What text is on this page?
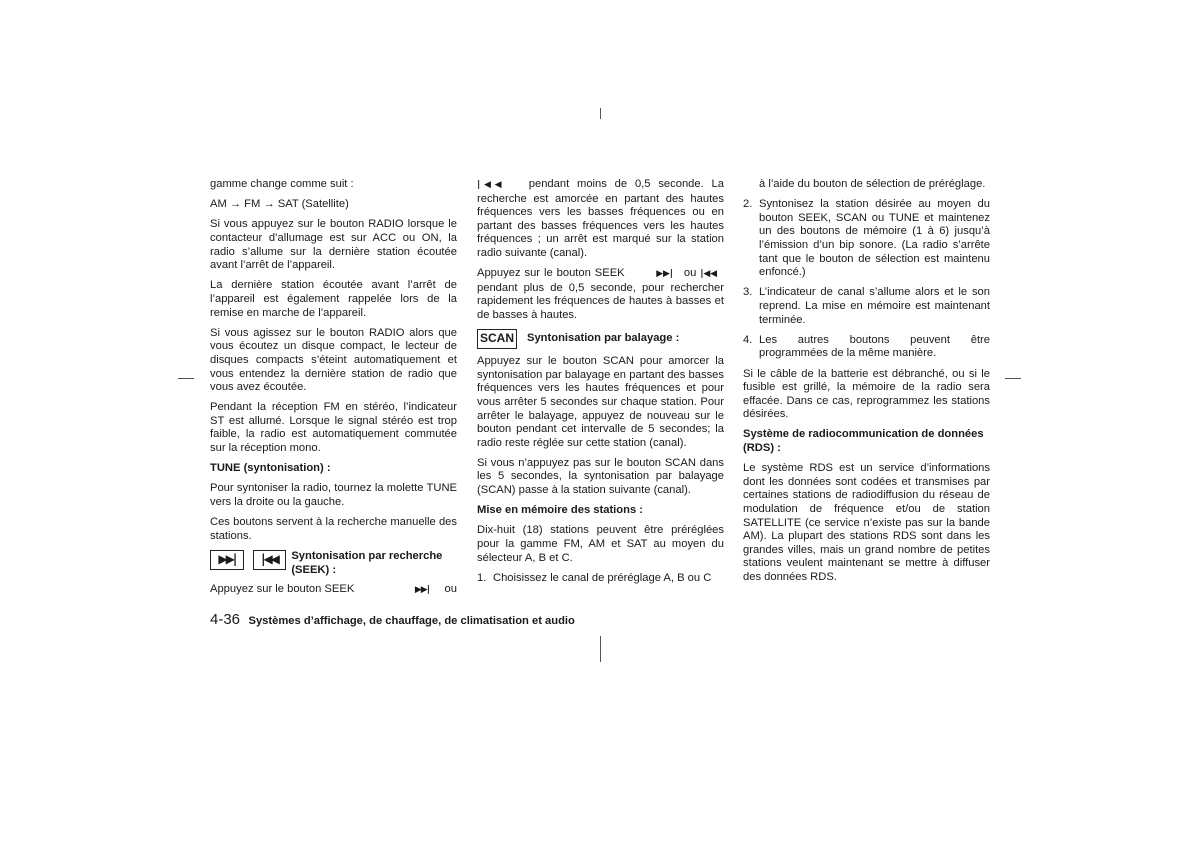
gamme change comme suit :

AM → FM → SAT (Satellite)

Si vous appuyez sur le bouton RADIO lorsque le contacteur d’allumage est sur ACC ou ON, la radio s’allume sur la dernière station écoutée avant l’arrêt de l’appareil.

La dernière station écoutée avant l’arrêt de l’appareil est également rappelée lors de la remise en marche de l’appareil.

Si vous agissez sur le bouton RADIO alors que vous écoutez un disque compact, le lecteur de disques compacts s’éteint automatiquement et vous entendez la dernière station de radio que vous avez écoutée.

Pendant la réception FM en stéréo, l’indicateur ST est allumé. Lorsque le signal stéréo est trop faible, la radio est automatiquement commutée sur la réception mono.

TUNE (syntonisation) :

Pour syntoniser la radio, tournez la molette TUNE vers la droite ou la gauche.

Ces boutons servent à la recherche manuelle des stations.

▶▶|	|◀◀	Syntonisation par recherche (SEEK) :

Appuyez sur le bouton SEEK	▶▶| ou

|◀◀ pendant moins de 0,5 seconde. La recherche est amorcée en partant des hautes fréquences vers les basses fréquences ou en partant des basses fréquences vers les hautes fréquences ; un arrêt est marqué sur la station radio suivante (canal).

Appuyez sur le bouton SEEK	▶▶| ou |◀◀   pendant plus de 0,5 seconde, pour rechercher rapidement les fréquences de hautes à basses et de basses à hautes.

SCAN Syntonisation par balayage :

Appuyez sur le bouton SCAN pour amorcer la syntonisation par balayage en partant des basses fréquences vers les hautes fréquences et pour vous arrêter 5 secondes sur chaque station. Pour arrêter le balayage, appuyez de nouveau sur le bouton pendant cet intervalle de 5 secondes; la radio reste réglée sur cette station (canal).

Si vous n’appuyez pas sur le bouton SCAN dans les 5 secondes, la syntonisation par balayage (SCAN) passe à la station suivante (canal).

Mise en mémoire des stations :

Dix-huit (18) stations peuvent être préréglées pour la gamme FM, AM et SAT au moyen du sélecteur A, B et C.

1. Choisissez le canal de préréglage A, B ou C
à l’aide du bouton de sélection de préréglage.
2. Syntonisez la station désirée au moyen du bouton SEEK, SCAN ou TUNE et maintenez un des boutons de mémoire (1 à 6) jusqu’à l’émission d’un bip sonore. (La radio s’arrête tant que le bouton de sélection est maintenu enfoncé.)
3. L’indicateur de canal s’allume alors et le son reprend. La mise en mémoire est maintenant terminée.
4. Les autres boutons peuvent être programmées de la même manière.

Si le câble de la batterie est débranché, ou si le fusible est grillé, la mémoire de la radio sera effacée. Dans ce cas, reprogrammez les stations désirées.

Système de radiocommunication de données (RDS) :

Le système RDS est un service d’informations dont les données sont codées et transmises par certaines stations de radiodiffusion du réseau de modulation de fréquence et/ou de station SATELLITE (ce service n’existe pas sur la bande AM). La plupart des stations RDS sont dans les grandes villes, mais un grand nombre de petites stations veulent maintenant se mettre à diffuser des données RDS.

4-36 Systèmes d’affichage, de chauffage, de climatisation et audio
